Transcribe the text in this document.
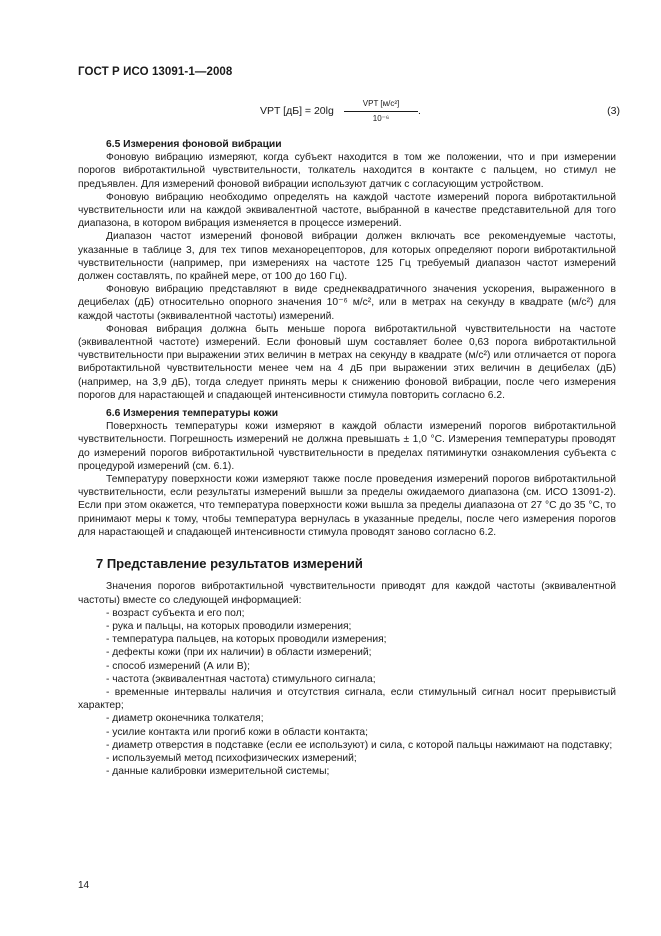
ГОСТ Р ИСО 13091-1—2008
VPT [дБ] = 20lg
VPT [м/с²]
10⁻⁶
.	(3)

6.5 Измерения фоновой вибрации

Фоновую вибрацию измеряют, когда субъект находится в том же положении, что и при измерении порогов вибротактильной чувствительности, толкатель находится в контакте с пальцем, но стимул не предъявлен. Для измерений фоновой вибрации используют датчик с согласующим устройством.

Фоновую вибрацию необходимо определять на каждой частоте измерений порога вибротактильной чувствительности или на каждой эквивалентной частоте, выбранной в качестве представительной для того диапазона, в котором вибрация изменяется в процессе измерений.

Диапазон частот измерений фоновой вибрации должен включать все рекомендуемые частоты, указанные в таблице 3, для тех типов механорецепторов, для которых определяют пороги вибротактильной чувствительности (например, при измерениях на частоте 125 Гц требуемый диапазон частот измерений должен составлять, по крайней мере, от 100 до 160 Гц).

Фоновую вибрацию представляют в виде среднеквадратичного значения ускорения, выраженного в децибелах (дБ) относительно опорного значения 10⁻⁶ м/с², или в метрах на секунду в квадрате (м/с²) для каждой частоты (эквивалентной частоты) измерений.

Фоновая вибрация должна быть меньше порога вибротактильной чувствительности на частоте (эквивалентной частоте) измерений. Если фоновый шум составляет более 0,63 порога вибротактильной чувствительности при выражении этих величин в метрах на секунду в квадрате (м/с²) или отличается от порога вибротактильной чувствительности менее чем на 4 дБ при выражении этих величин в децибелах (дБ) (например, на 3,9 дБ), тогда следует принять меры к снижению фоновой вибрации, после чего измерения порогов для нарастающей и спадающей интенсивности стимула повторить согласно 6.2.

6.6 Измерения температуры кожи

Поверхность температуры кожи измеряют в каждой области измерений порогов вибротактильной чувствительности. Погрешность измерений не должна превышать ± 1,0 °С. Измерения температуры проводят до измерений порогов вибротактильной чувствительности в пределах пятиминутки ознакомления субъекта с процедурой измерений (см. 6.1).

Температуру поверхности кожи измеряют также после проведения измерений порогов вибротактильной чувствительности, если результаты измерений вышли за пределы ожидаемого диапазона (см. ИСО 13091-2). Если при этом окажется, что температура поверхности кожи вышла за пределы диапазона от 27 °С до 35 °С, то принимают меры к тому, чтобы температура вернулась в указанные пределы, после чего измерения порогов для нарастающей и спадающей интенсивности стимула проводят заново согласно 6.2.

7 Представление результатов измерений

Значения порогов вибротактильной чувствительности приводят для каждой частоты (эквивалентной частоты) вместе со следующей информацией:

- возраст субъекта и его пол;

- рука и пальцы, на которых проводили измерения;

- температура пальцев, на которых проводили измерения;

- дефекты кожи (при их наличии) в области измерений;

- способ измерений (А или В);

- частота (эквивалентная частота) стимульного сигнала;

- временные интервалы наличия и отсутствия сигнала, если стимульный сигнал носит прерывистый характер;

- диаметр оконечника толкателя;

- усилие контакта или прогиб кожи в области контакта;

- диаметр отверстия в подставке (если ее используют) и сила, с которой пальцы нажимают на подставку;

- используемый метод психофизических измерений;

- данные калибровки измерительной системы;

14
